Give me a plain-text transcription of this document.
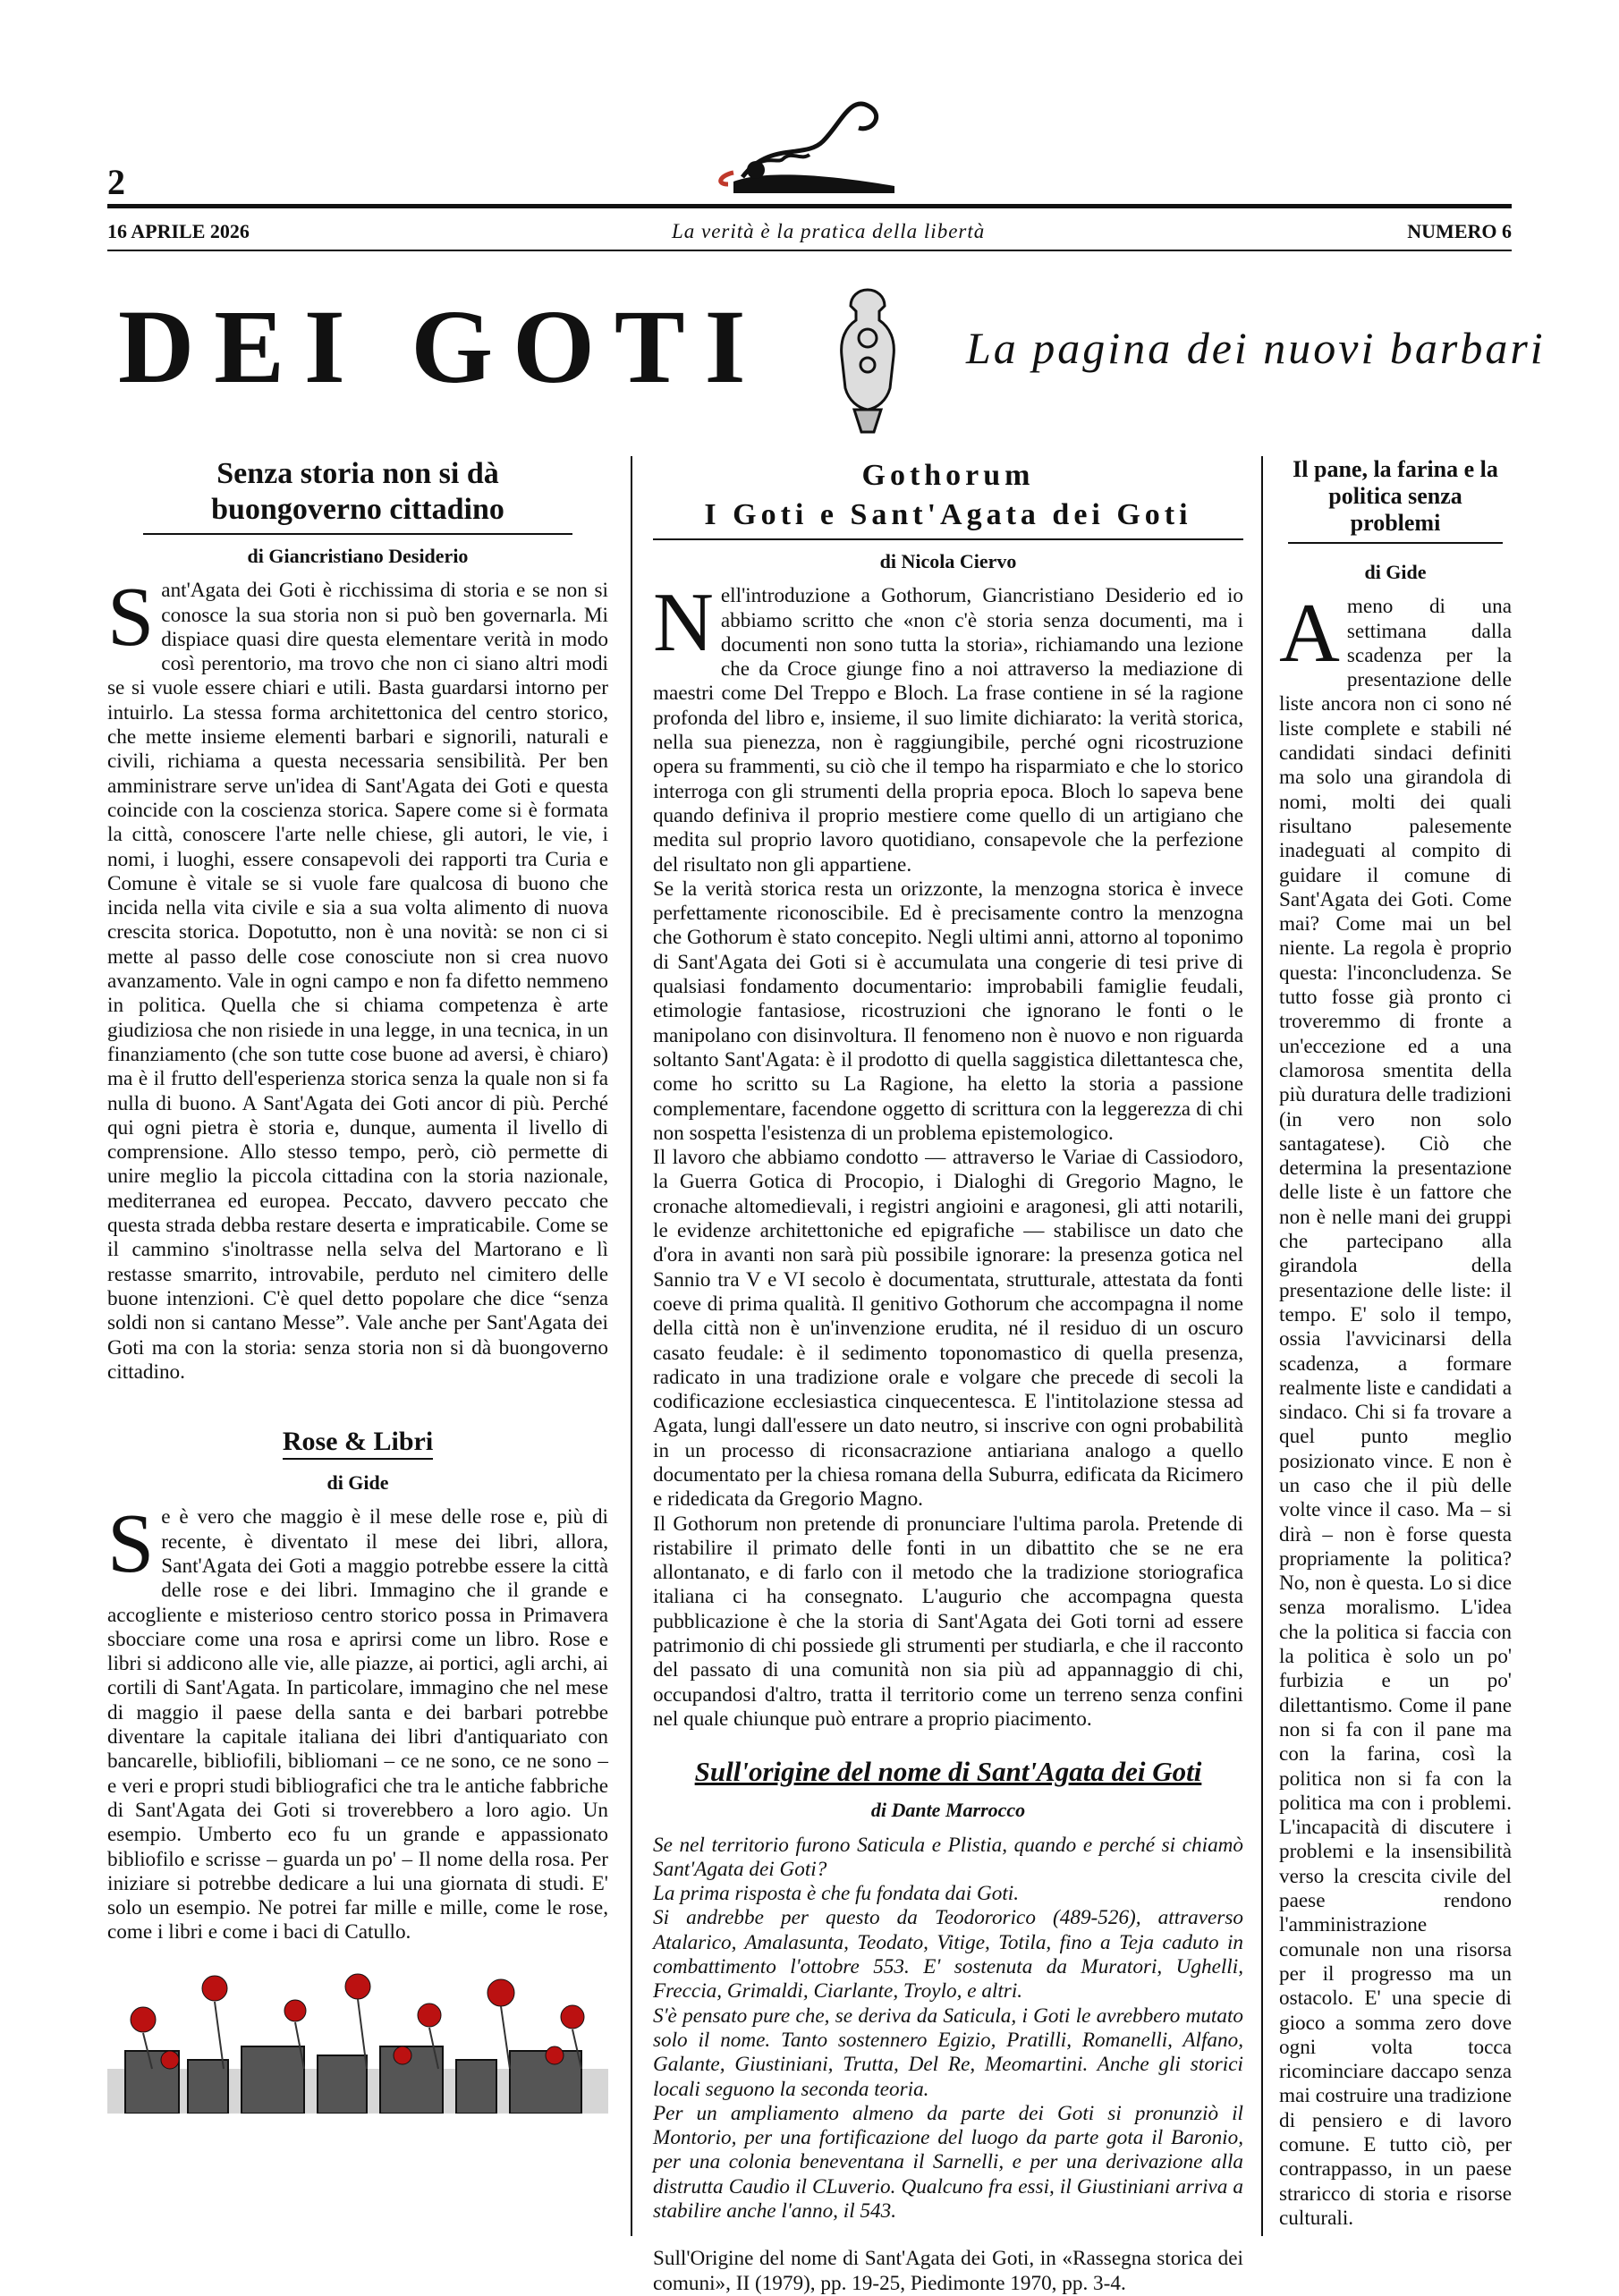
2
16 APRILE 2026	La verità è la pratica della libertà	NUMERO 6
DEI GOTI	La pagina dei nuovi barbari
Senza storia non si dà buongoverno cittadino
di Giancristiano Desiderio

S ant'Agata dei Goti è ricchissima di storia e se non si conosce la sua storia non si può ben governarla. Mi dispiace quasi dire questa elementare verità in modo così perentorio, ma trovo che non ci siano altri modi se si vuole essere chiari e utili. Basta guardarsi intorno per intuirlo. La stessa forma architettonica del centro storico, che mette insieme elementi barbari e signorili, naturali e civili, richiama a questa necessaria sensibilità. Per ben amministrare serve un'idea di Sant'Agata dei Goti e questa coincide con la coscienza storica. Sapere come si è formata la città, conoscere l'arte nelle chiese, gli autori, le vie, i nomi, i luoghi, essere consapevoli dei rapporti tra Curia e Comune è vitale se si vuole fare qualcosa di buono che incida nella vita civile e sia a sua volta alimento di nuova crescita storica. Dopotutto, non è una novità: se non ci si mette al passo delle cose conosciute non si crea nuovo avanzamento. Vale in ogni campo e non fa difetto nemmeno in politica. Quella che si chiama competenza è arte giudiziosa che non risiede in una legge, in una tecnica, in un finanziamento (che son tutte cose buone ad aversi, è chiaro) ma è il frutto dell'esperienza storica senza la quale non si fa nulla di buono. A Sant'Agata dei Goti ancor di più. Perché qui ogni pietra è storia e, dunque, aumenta il livello di comprensione. Allo stesso tempo, però, ciò permette di unire meglio la piccola cittadina con la storia nazionale, mediterranea ed europea. Peccato, davvero peccato che questa strada debba restare deserta e impraticabile. Come se il cammino s'inoltrasse nella selva del Martorano e lì restasse smarrito, introvabile, perduto nel cimitero delle buone intenzioni. C'è quel detto popolare che dice “senza soldi non si cantano Messe”. Vale anche per Sant'Agata dei Goti ma con la storia: senza storia non si dà buongoverno cittadino.

Rose & Libri
di Gide

S e è vero che maggio è il mese delle rose e, più di recente, è diventato il mese dei libri, allora, Sant'Agata dei Goti a maggio potrebbe essere la città delle rose e dei libri. Immagino che il grande e accogliente e misterioso centro storico possa in Primavera sbocciare come una rosa e aprirsi come un libro. Rose e libri si addicono alle vie, alle piazze, ai portici, agli archi, ai cortili di Sant'Agata. In particolare, immagino che nel mese di maggio il paese della santa e dei barbari potrebbe diventare la capitale italiana dei libri d'antiquariato con bancarelle, bibliofili, bibliomani – ce ne sono, ce ne sono – e veri e propri studi bibliografici che tra le antiche fabbriche di Sant'Agata dei Goti si troverebbero a loro agio. Un esempio. Umberto eco fu un grande e appassionato bibliofilo e scrisse – guarda un po' – Il nome della rosa. Per iniziare si potrebbe dedicare a lui una giornata di studi. E' solo un esempio. Ne potrei far mille e mille, come le rose, come i libri e come i baci di Catullo.

Gothorum
I Goti e Sant'Agata dei Goti
di Nicola Ciervo

N ell'introduzione a Gothorum, Giancristiano Desiderio ed io abbiamo scritto che «non c'è storia senza documenti, ma i documenti non sono tutta la storia», richiamando una lezione che da Croce giunge fino a noi attraverso la mediazione di maestri come Del Treppo e Bloch. La frase contiene in sé la ragione profonda del libro e, insieme, il suo limite dichiarato: la verità storica, nella sua pienezza, non è raggiungibile, perché ogni ricostruzione opera su frammenti, su ciò che il tempo ha risparmiato e che lo storico interroga con gli strumenti della propria epoca. Bloch lo sapeva bene quando definiva il proprio mestiere come quello di un artigiano che medita sul proprio lavoro quotidiano, consapevole che la perfezione del risultato non gli appartiene.

Se la verità storica resta un orizzonte, la menzogna storica è invece perfettamente riconoscibile. Ed è precisamente contro la menzogna che Gothorum è stato concepito. Negli ultimi anni, attorno al toponimo di Sant'Agata dei Goti si è accumulata una congerie di tesi prive di qualsiasi fondamento documentario: improbabili famiglie feudali, etimologie fantasiose, ricostruzioni che ignorano le fonti o le manipolano con disinvoltura. Il fenomeno non è nuovo e non riguarda soltanto Sant'Agata: è il prodotto di quella saggistica dilettantesca che, come ho scritto su La Ragione, ha eletto la storia a passione complementare, facendone oggetto di scrittura con la leggerezza di chi non sospetta l'esistenza di un problema epistemologico.

Il lavoro che abbiamo condotto — attraverso le Variae di Cassiodoro, la Guerra Gotica di Procopio, i Dialoghi di Gregorio Magno, le cronache altomedievali, i registri angioini e aragonesi, gli atti notarili, le evidenze architettoniche ed epigrafiche — stabilisce un dato che d'ora in avanti non sarà più possibile ignorare: la presenza gotica nel Sannio tra V e VI secolo è documentata, strutturale, attestata da fonti coeve di prima qualità. Il genitivo Gothorum che accompagna il nome della città non è un'invenzione erudita, né il residuo di un oscuro casato feudale: è il sedimento toponomastico di quella presenza, radicato in una tradizione orale e volgare che precede di secoli la codificazione ecclesiastica cinquecentesca. E l'intitolazione stessa ad Agata, lungi dall'essere un dato neutro, si inscrive con ogni probabilità in un processo di riconsacrazione antiariana analogo a quello documentato per la chiesa romana della Suburra, edificata da Ricimero e ridedicata da Gregorio Magno.

Il Gothorum non pretende di pronunciare l'ultima parola. Pretende di ristabilire il primato delle fonti in un dibattito che se ne era allontanato, e di farlo con il metodo che la tradizione storiografica italiana ci ha consegnato. L'augurio che accompagna questa pubblicazione è che la storia di Sant'Agata dei Goti torni ad essere patrimonio di chi possiede gli strumenti per studiarla, e che il racconto del passato di una comunità non sia più ad appannaggio di chi, occupandosi d'altro, tratta il territorio come un terreno senza confini nel quale chiunque può entrare a proprio piacimento.

Sull'origine del nome di Sant'Agata dei Goti
di Dante Marrocco

Se nel territorio furono Saticula e Plistia, quando e perché si chiamò Sant'Agata dei Goti?

La prima risposta è che fu fondata dai Goti.

Si andrebbe per questo da Teodororico (489-526), attraverso Atalarico, Amalasunta, Teodato, Vitige, Totila, fino a Teja caduto in combattimento l'ottobre 553. E' sostenuta da Muratori, Ughelli, Freccia, Grimaldi, Ciarlante, Troylo, e altri.

S'è pensato pure che, se deriva da Saticula, i Goti le avrebbero mutato solo il nome. Tanto sostennero Egizio, Pratilli, Romanelli, Alfano, Galante, Giustiniani, Trutta, Del Re, Meomartini. Anche gli storici locali seguono la seconda teoria.

Per un ampliamento almeno da parte dei Goti si pronunziò il Montorio, per una fortificazione del luogo da parte gota il Baronio, per una colonia beneventana il Sarnelli, e per una derivazione alla distrutta Caudio il CLuverio. Qualcuno fra essi, il Giustiniani arriva a stabilire anche l'anno, il 543.

Sull'Origine del nome di Sant'Agata dei Goti, in «Rassegna storica dei comuni», II (1979), pp. 19-25, Piedimonte 1970, pp. 3-4.

Il pane, la farina e la politica senza problemi
di Gide

A meno di una settimana dalla scadenza per la presentazione delle liste ancora non ci sono né liste complete e stabili né candidati sindaci definiti ma solo una girandola di nomi, molti dei quali risultano palesemente inadeguati al compito di guidare il comune di Sant'Agata dei Goti. Come mai? Come mai un bel niente. La regola è proprio questa: l'inconcludenza. Se tutto fosse già pronto ci troveremmo di fronte a un'eccezione ed a una clamorosa smentita della più duratura delle tradizioni (in vero non solo santagatese). Ciò che determina la presentazione delle liste è un fattore che non è nelle mani dei gruppi che partecipano alla girandola della presentazione delle liste: il tempo. E' solo il tempo, ossia l'avvicinarsi della scadenza, a formare realmente liste e candidati a sindaco. Chi si fa trovare a quel punto meglio posizionato vince. E non è un caso che il più delle volte vince il caso. Ma – si dirà – non è forse questa propriamente la politica? No, non è questa. Lo si dice senza moralismo. L'idea che la politica si faccia con la politica è solo un po' furbizia e un po' dilettantismo. Come il pane non si fa con il pane ma con la farina, così la politica non si fa con la politica ma con i problemi. L'incapacità di discutere i problemi e la insensibilità verso la crescita civile del paese rendono l'amministrazione comunale non una risorsa per il progresso ma un ostacolo. E' una specie di gioco a somma zero dove ogni volta tocca ricominciare daccapo senza mai costruire una tradizione di pensiero e di lavoro comune. E tutto ciò, per contrappasso, in un paese straricco di storia e risorse culturali.
